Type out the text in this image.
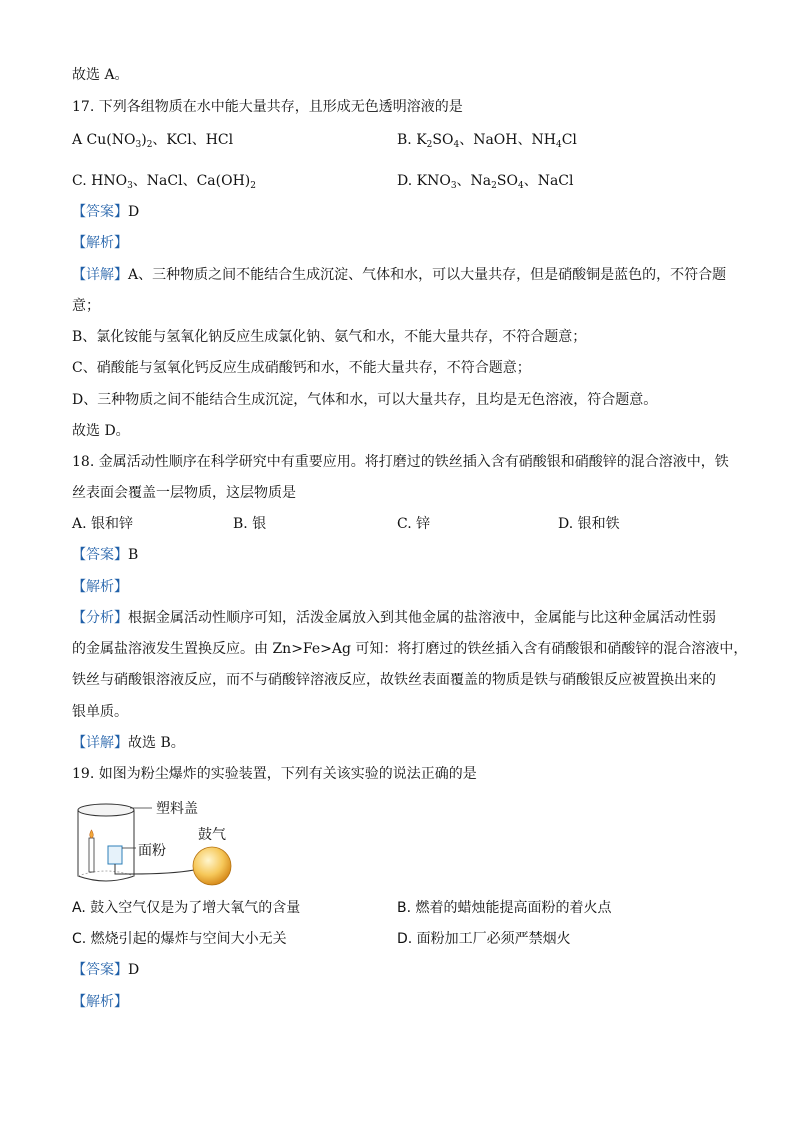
故选 A。
17. 下列各组物质在水中能大量共存，且形成无色透明溶液的是
A $Cu(NO_3)_2$、KCl、HCl	B. $K_2SO_4$、NaOH、$NH_4Cl$
C. $HNO_3$、NaCl、$Ca(OH)_2$	D. $KNO_3$、$Na_2SO_4$、NaCl
【答案】D
【解析】
【详解】A、三种物质之间不能结合生成沉淀、气体和水，可以大量共存，但是硝酸铜是蓝色的，不符合题
意；
B、氯化铵能与氢氧化钠反应生成氯化钠、氨气和水，不能大量共存，不符合题意；
C、硝酸能与氢氧化钙反应生成硝酸钙和水，不能大量共存，不符合题意；
D、三种物质之间不能结合生成沉淀，气体和水，可以大量共存，且均是无色溶液，符合题意。
故选 D。
18. 金属活动性顺序在科学研究中有重要应用。将打磨过的铁丝插入含有硝酸银和硝酸锌的混合溶液中，铁
丝表面会覆盖一层物质，这层物质是
A. 银和锌	B. 银	C. 锌	D. 银和铁
【答案】B
【解析】
【分析】根据金属活动性顺序可知，活泼金属放入到其他金属的盐溶液中，金属能与比这种金属活动性弱
的金属盐溶液发生置换反应。由 Zn>Fe>Ag 可知：将打磨过的铁丝插入含有硝酸银和硝酸锌的混合溶液中，
铁丝与硝酸银溶液反应，而不与硝酸锌溶液反应，故铁丝表面覆盖的物质是铁与硝酸银反应被置换出来的
银单质。
【详解】故选 B。
19. 如图为粉尘爆炸的实验装置，下列有关该实验的说法正确的是
塑料盖
面粉
鼓气
A. 鼓入空气仅是为了增大氧气的含量	B. 燃着的蜡烛能提高面粉的着火点
C. 燃烧引起的爆炸与空间大小无关	D. 面粉加工厂必须严禁烟火
【答案】D
【解析】
